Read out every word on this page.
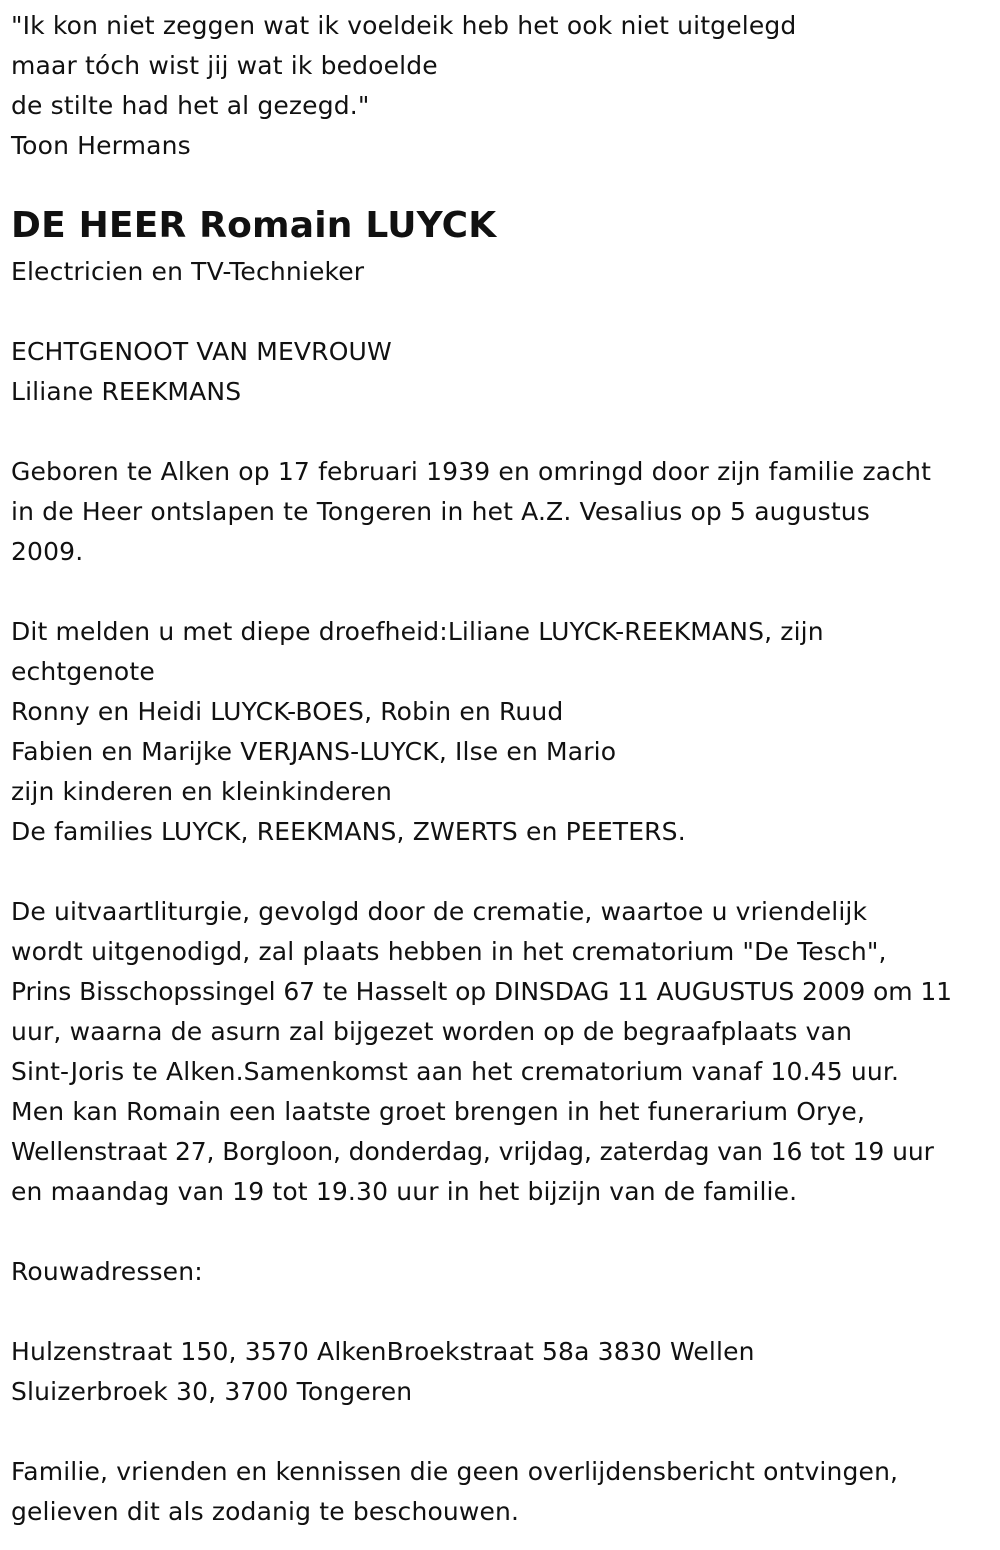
"Ik kon niet zeggen wat ik voeldeik heb het ook niet uitgelegd
maar tóch wist jij wat ik bedoelde
de stilte had het al gezegd."
Toon Hermans
DE HEER Romain LUYCK
Electricien en TV-Technieker
ECHTGENOOT VAN MEVROUW
Liliane REEKMANS
Geboren te Alken op 17 februari 1939 en omringd door zijn familie zacht
in de Heer ontslapen te Tongeren in het A.Z. Vesalius op 5 augustus
2009.
Dit melden u met diepe droefheid:Liliane LUYCK-REEKMANS, zijn
echtgenote
Ronny en Heidi LUYCK-BOES, Robin en Ruud
Fabien en Marijke VERJANS-LUYCK, Ilse en Mario
zijn kinderen en kleinkinderen
De families LUYCK, REEKMANS, ZWERTS en PEETERS.
De uitvaartliturgie, gevolgd door de crematie, waartoe u vriendelijk
wordt uitgenodigd, zal plaats hebben in het crematorium "De Tesch",
Prins Bisschopssingel 67 te Hasselt op DINSDAG 11 AUGUSTUS 2009 om 11
uur, waarna de asurn zal bijgezet worden op de begraafplaats van
Sint-Joris te Alken.Samenkomst aan het crematorium vanaf 10.45 uur.
Men kan Romain een laatste groet brengen in het funerarium Orye,
Wellenstraat 27, Borgloon, donderdag, vrijdag, zaterdag van 16 tot 19 uur
en maandag van 19 tot 19.30 uur in het bijzijn van de familie.
Rouwadressen:
Hulzenstraat 150, 3570 AlkenBroekstraat 58a 3830 Wellen
Sluizerbroek 30, 3700 Tongeren
Familie, vrienden en kennissen die geen overlijdensbericht ontvingen,
gelieven dit als zodanig te beschouwen.
